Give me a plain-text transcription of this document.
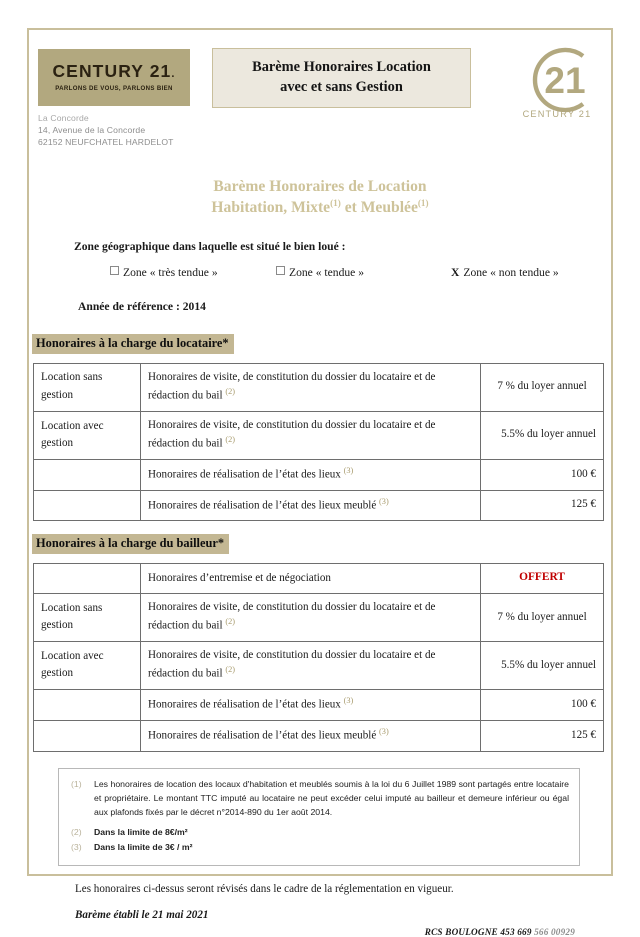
CENTURY 21.
PARLONS DE VOUS, PARLONS BIEN
La Concorde
14, Avenue de la Concorde
62152 NEUFCHATEL HARDELOT
Barème Honoraires Location
avec et sans Gestion	21
CENTURY 21
Barème Honoraires de Location
Habitation, Mixte$^{(1)}$ et Meublée$^{(1)}$
Zone géographique dans laquelle est situé le bien loué :
Zone « très tendue »	Zone « tendue »	X Zone « non tendue »
Année de référence : 2014
Honoraires à la charge du locataire*
Location sans gestion	Honoraires de visite, de constitution du dossier du locataire et de rédaction du bail $^{(2)}$	7 % du loyer annuel
Location avec gestion	Honoraires de visite, de constitution du dossier du locataire et de rédaction du bail $^{(2)}$	5.5% du loyer annuel
	Honoraires de réalisation de l’état des lieux $^{(3)}$	100 €
	Honoraires de réalisation de l’état des lieux meublé $^{(3)}$	125 €
Honoraires à la charge du bailleur*
	Honoraires d’entremise et de négociation	OFFERT
Location sans gestion	Honoraires de visite, de constitution du dossier du locataire et de rédaction du bail $^{(2)}$	7 % du loyer annuel
Location avec gestion	Honoraires de visite, de constitution du dossier du locataire et de rédaction du bail $^{(2)}$	5.5% du loyer annuel
	Honoraires de réalisation de l’état des lieux $^{(3)}$	100 €
	Honoraires de réalisation de l’état des lieux meublé $^{(3)}$	125 €
(1) Les honoraires de location des locaux d'habitation et meublés soumis à la loi du 6 Juillet 1989 sont partagés entre locataire et propriétaire. Le montant TTC imputé au locataire ne peut excéder celui imputé au bailleur et demeure inférieur ou égal aux plafonds fixés par le décret n°2014-890 du 1er août 2014.
(2) Dans la limite de 8€/m²
(3) Dans la limite de 3€ / m²
Les honoraires ci-dessus seront révisés dans le cadre de la réglementation en vigueur.
Barème établi le 21 mai 2021
RCS BOULOGNE 453 669 566 00929
